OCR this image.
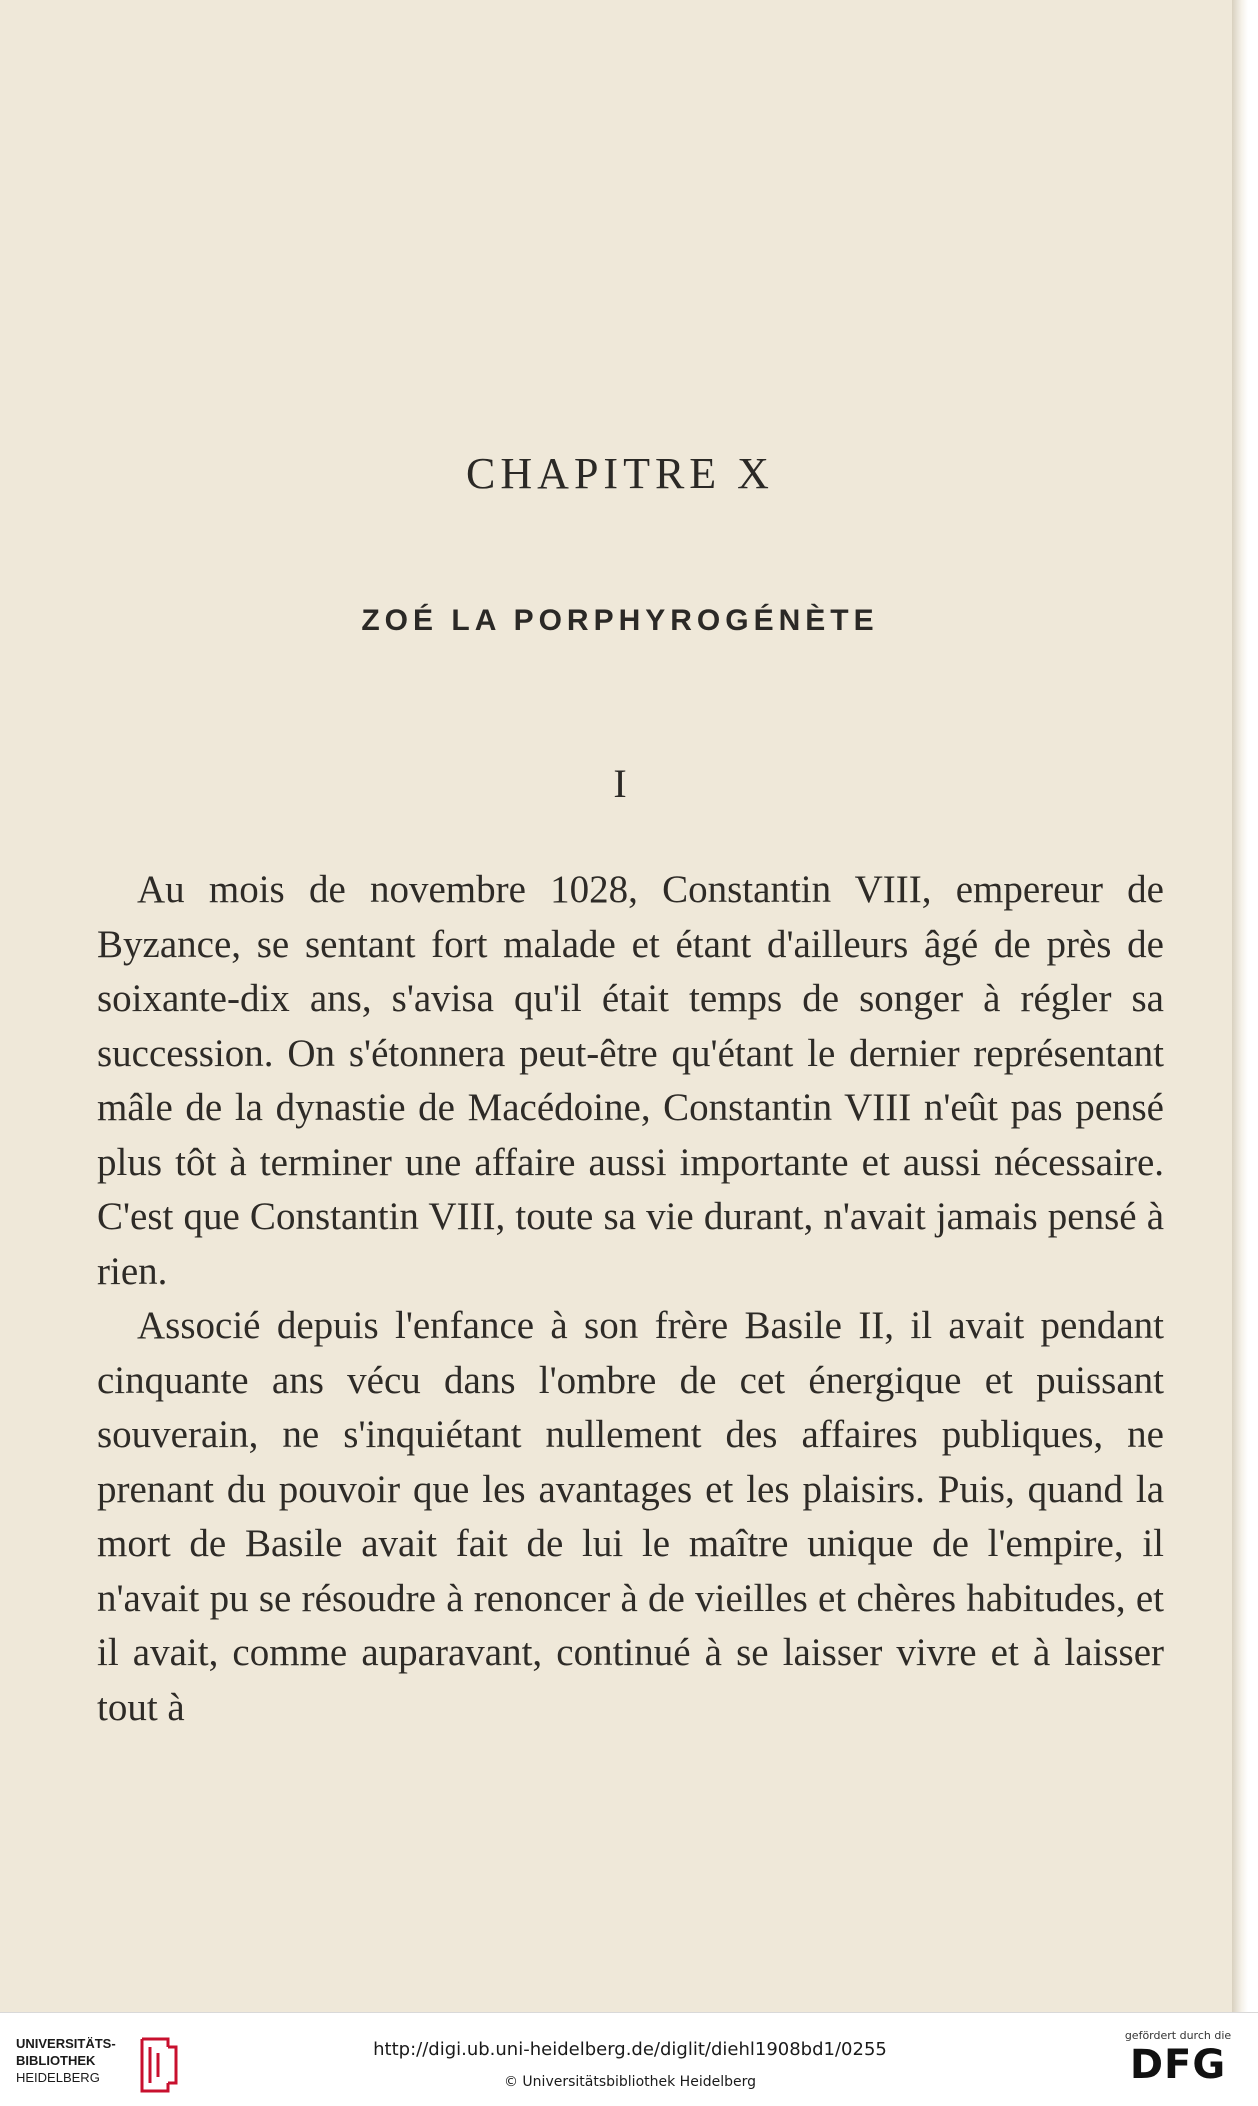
CHAPITRE X
ZOÉ LA PORPHYROGÉNÈTE
I

Au mois de novembre 1028, Constantin VIII, empereur de Byzance, se sentant fort malade et étant d'ailleurs âgé de près de soixante-dix ans, s'avisa qu'il était temps de songer à régler sa succession. On s'étonnera peut-être qu'étant le dernier représentant mâle de la dynastie de Macédoine, Constantin VIII n'eût pas pensé plus tôt à terminer une affaire aussi importante et aussi nécessaire. C'est que Constantin VIII, toute sa vie durant, n'avait jamais pensé à rien.

Associé depuis l'enfance à son frère Basile II, il avait pendant cinquante ans vécu dans l'ombre de cet énergique et puissant souverain, ne s'inquiétant nullement des affaires publiques, ne prenant du pouvoir que les avantages et les plaisirs. Puis, quand la mort de Basile avait fait de lui le maître unique de l'empire, il n'avait pu se résoudre à renoncer à de vieilles et chères habitudes, et il avait, comme auparavant, continué à se laisser vivre et à laisser tout à

UNIVERSITÄTS-
BIBLIOTHEK
HEIDELBERG
http://digi.ub.uni-heidelberg.de/diglit/diehl1908bd1/0255
© Universitätsbibliothek Heidelberg
gefördert durch die
DFG
